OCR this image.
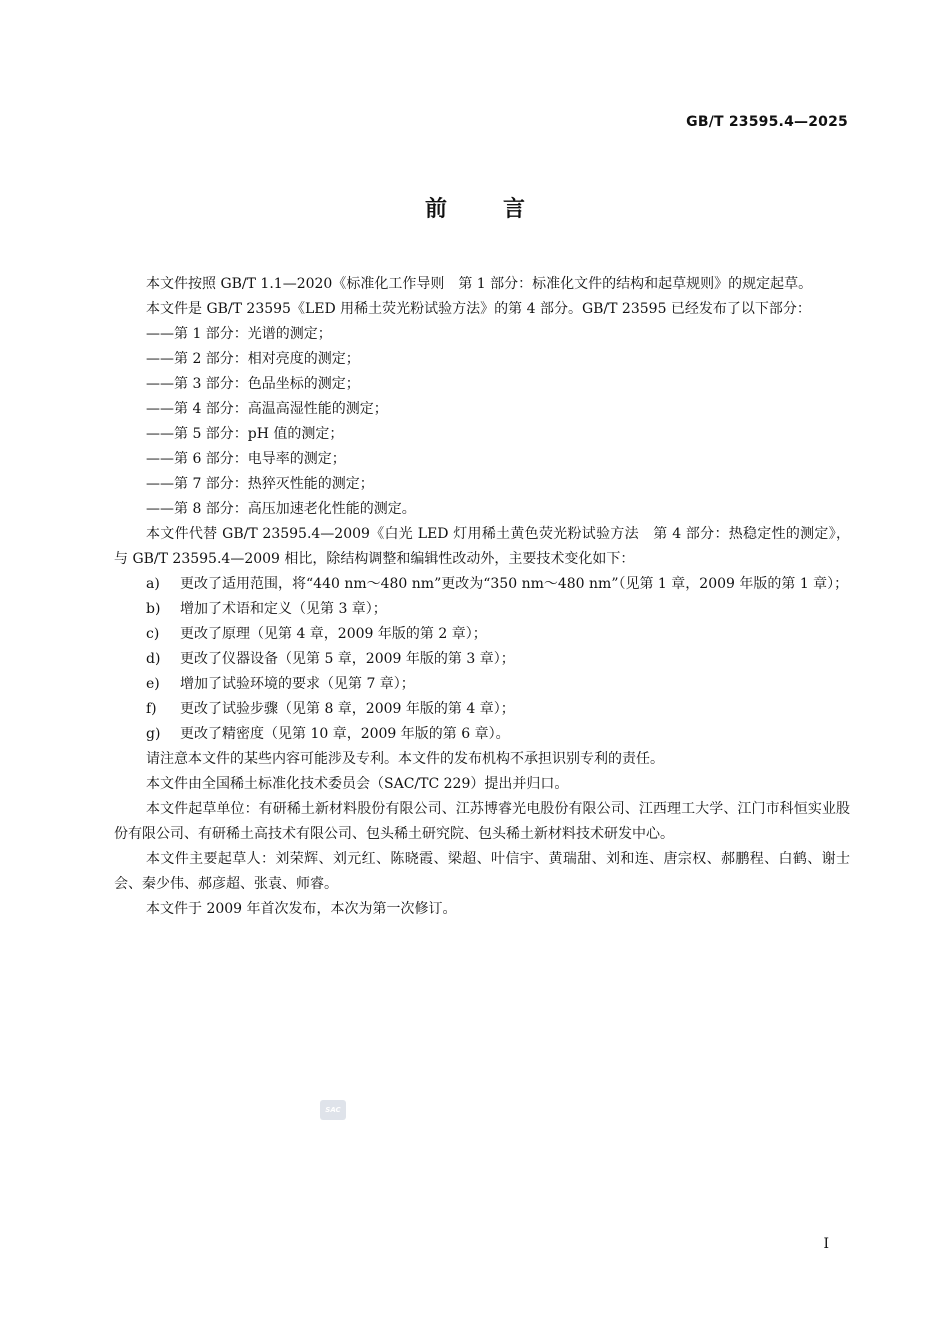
GB/T 23595.4—2025
前言

本文件按照 GB/T 1.1—2020《标准化工作导则　第 1 部分：标准化文件的结构和起草规则》的规定起草。

本文件是 GB/T 23595《LED 用稀土荧光粉试验方法》的第 4 部分。GB/T 23595 已经发布了以下部分：

——第 1 部分：光谱的测定；

——第 2 部分：相对亮度的测定；

——第 3 部分：色品坐标的测定；

——第 4 部分：高温高湿性能的测定；

——第 5 部分：pH 值的测定；

——第 6 部分：电导率的测定；

——第 7 部分：热猝灭性能的测定；

——第 8 部分：高压加速老化性能的测定。

本文件代替 GB/T 23595.4—2009《白光 LED 灯用稀土黄色荧光粉试验方法　第 4 部分：热稳定性的测定》，与 GB/T 23595.4—2009 相比，除结构调整和编辑性改动外，主要技术变化如下：

a)	更改了适用范围，将“440 nm～480 nm”更改为“350 nm～480 nm”（见第 1 章，2009 年版的第 1 章）；
b)	增加了术语和定义（见第 3 章）；
c)	更改了原理（见第 4 章，2009 年版的第 2 章）；
d)	更改了仪器设备（见第 5 章，2009 年版的第 3 章）；
e)	增加了试验环境的要求（见第 7 章）；
f)	更改了试验步骤（见第 8 章，2009 年版的第 4 章）；
g)	更改了精密度（见第 10 章，2009 年版的第 6 章）。

请注意本文件的某些内容可能涉及专利。本文件的发布机构不承担识别专利的责任。

本文件由全国稀土标准化技术委员会（SAC/TC 229）提出并归口。

本文件起草单位：有研稀土新材料股份有限公司、江苏博睿光电股份有限公司、江西理工大学、江门市科恒实业股份有限公司、有研稀土高技术有限公司、包头稀土研究院、包头稀土新材料技术研发中心。

本文件主要起草人：刘荣辉、刘元红、陈晓霞、梁超、叶信宇、黄瑞甜、刘和连、唐宗权、郝鹏程、白鹤、谢士会、秦少伟、郝彦超、张袁、师睿。

本文件于 2009 年首次发布，本次为第一次修订。

SAC
I
